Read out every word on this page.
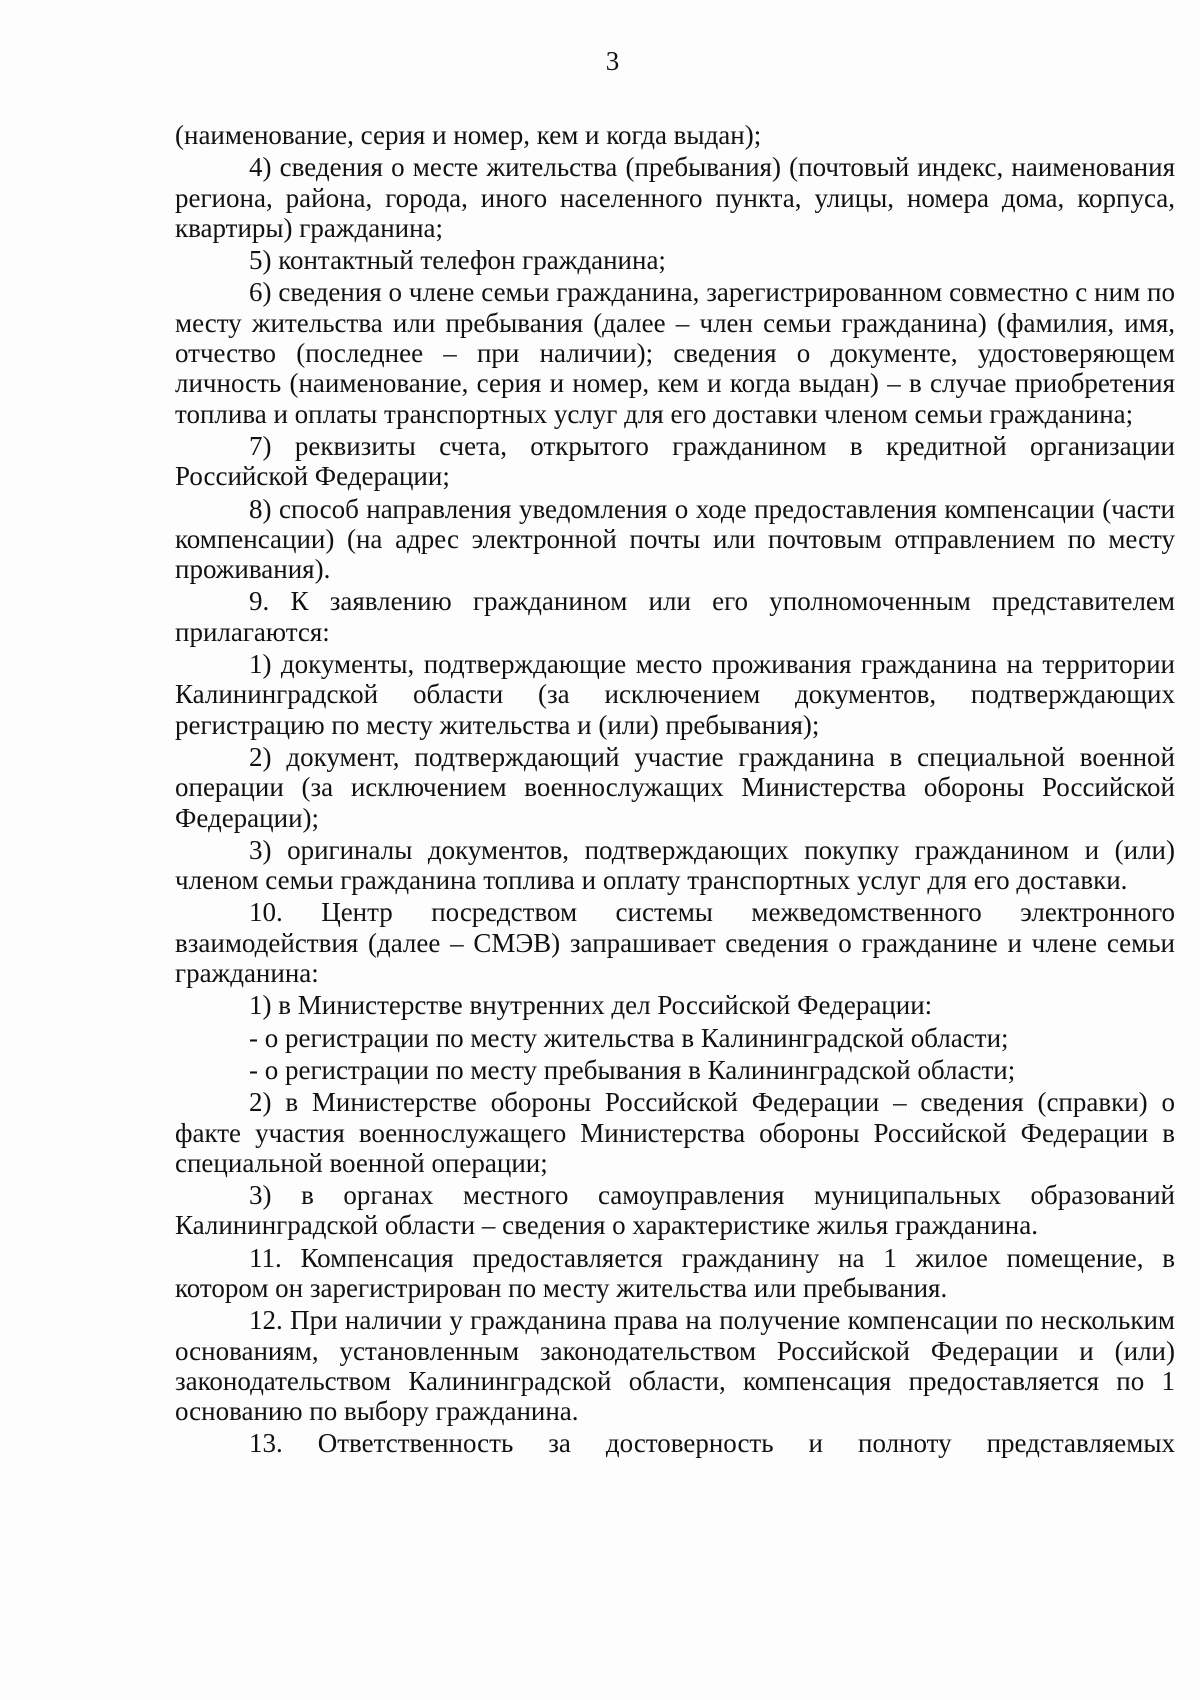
3

(наименование, серия и номер, кем и когда выдан);

4) сведения о месте жительства (пребывания) (почтовый индекс, наименования региона, района, города, иного населенного пункта, улицы, номера дома, корпуса, квартиры) гражданина;

5) контактный телефон гражданина;

6) сведения о члене семьи гражданина, зарегистрированном совместно с ним по месту жительства или пребывания (далее – член семьи гражданина) (фамилия, имя, отчество (последнее – при наличии); сведения о документе, удостоверяющем личность (наименование, серия и номер, кем и когда выдан) – в случае приобретения топлива и оплаты транспортных услуг для его доставки членом семьи гражданина;

7) реквизиты счета, открытого гражданином в кредитной организации Российской Федерации;

8) способ направления уведомления о ходе предоставления компенсации (части компенсации) (на адрес электронной почты или почтовым отправлением по месту проживания).

9. К заявлению гражданином или его уполномоченным представителем прилагаются:

1) документы, подтверждающие место проживания гражданина на территории Калининградской области (за исключением документов, подтверждающих регистрацию по месту жительства и (или) пребывания);

2) документ, подтверждающий участие гражданина в специальной военной операции (за исключением военнослужащих Министерства обороны Российской Федерации);

3) оригиналы документов, подтверждающих покупку гражданином и (или) членом семьи гражданина топлива и оплату транспортных услуг для его доставки.

10. Центр посредством системы межведомственного электронного взаимодействия (далее – СМЭВ) запрашивает сведения о гражданине и члене семьи гражданина:

1) в Министерстве внутренних дел Российской Федерации:

- о регистрации по месту жительства в Калининградской области;

- о регистрации по месту пребывания в Калининградской области;

2) в Министерстве обороны Российской Федерации – сведения (справки) о факте участия военнослужащего Министерства обороны Российской Федерации в специальной военной операции;

3) в органах местного самоуправления муниципальных образований Калининградской области – сведения о характеристике жилья гражданина.

11. Компенсация предоставляется гражданину на 1 жилое помещение, в котором он зарегистрирован по месту жительства или пребывания.

12. При наличии у гражданина права на получение компенсации по нескольким основаниям, установленным законодательством Российской Федерации и (или) законодательством Калининградской области, компенсация предоставляется по 1 основанию по выбору гражданина.

13. Ответственность за достоверность и полноту представляемых
